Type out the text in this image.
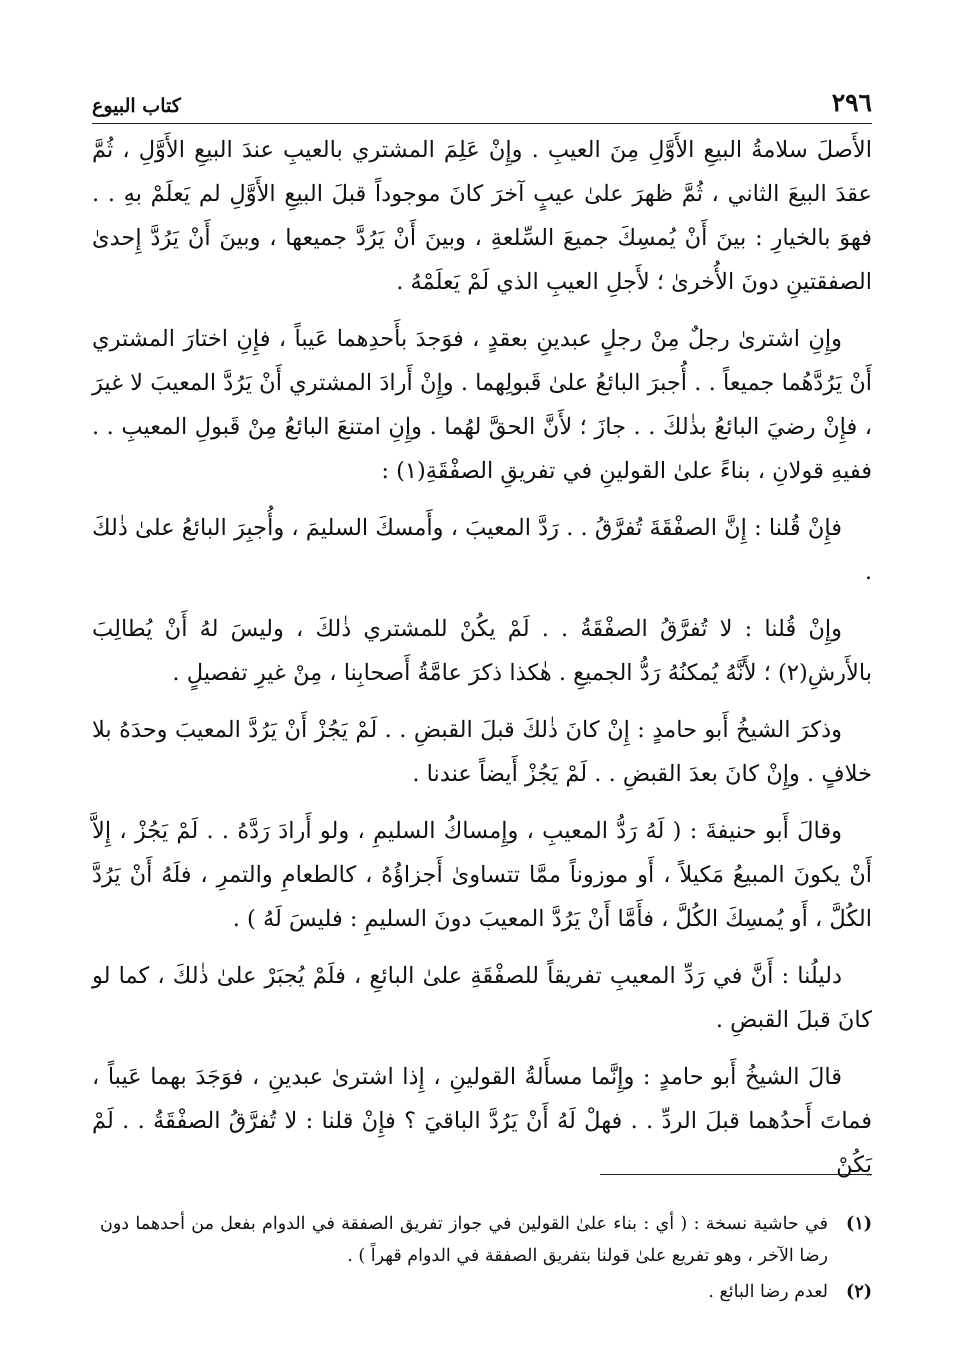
٢٩٦
كتاب البيوع

الأَصلَ سلامةُ البيعِ الأَوَّلِ مِنَ العيبِ . وإِنْ عَلِمَ المشتري بالعيبِ عندَ البيعِ الأَوَّلِ ، ثُمَّ عقدَ البيعَ الثاني ، ثُمَّ ظهرَ علىٰ عيبٍ آخرَ كانَ موجوداً قبلَ البيعِ الأَوَّلِ لم يَعلَمْ بهِ . . فهوَ بالخيارِ : بينَ أَنْ يُمسِكَ جميعَ السِّلعةِ ، وبينَ أَنْ يَرُدَّ جميعها ، وبينَ أَنْ يَرُدَّ إِحدىٰ الصفقتينِ دونَ الأُخرىٰ ؛ لأَجلِ العيبِ الذي لَمْ يَعلَمْهُ .

وإِنِ اشترىٰ رجلٌ مِنْ رجلٍ عبدينِ بعقدٍ ، فوَجدَ بأَحدِهما عَيباً ، فإِنِ اختارَ المشتري أَنْ يَرُدَّهُما جميعاً . . أُجبرَ البائعُ علىٰ قَبولِهما . وإِنْ أَرادَ المشتري أَنْ يَرُدَّ المعيبَ لا غيرَ ، فإِنْ رضيَ البائعُ بذٰلكَ . . جازَ ؛ لأَنَّ الحقَّ لهُما . وإِنِ امتنعَ البائعُ مِنْ قَبولِ المعيبِ . . ففيهِ قولانِ ، بناءً علىٰ القولينِ في تفريقِ الصفْقَةِ(١) :

فإِنْ قُلنا : إِنَّ الصفْقَةَ تُفرَّقُ . . رَدَّ المعيبَ ، وأَمسكَ السليمَ ، وأُجبِرَ البائعُ علىٰ ذٰلكَ .

وإِنْ قُلنا : لا تُفرَّقُ الصفْقَةُ . . لَمْ يكُنْ للمشتري ذٰلكَ ، وليسَ لهُ أَنْ يُطالِبَ بالأَرشِ(٢) ؛ لأَنَّهُ يُمكنُهُ رَدُّ الجميعِ . هٰكذا ذكرَ عامَّةُ أَصحابِنا ، مِنْ غيرِ تفصيلٍ .

وذكرَ الشيخُ أَبو حامدٍ : إِنْ كانَ ذٰلكَ قبلَ القبضِ . . لَمْ يَجُزْ أَنْ يَرُدَّ المعيبَ وحدَهُ بلا خلافٍ . وإِنْ كانَ بعدَ القبضِ . . لَمْ يَجُزْ أَيضاً عندنا .

وقالَ أَبو حنيفةَ : ( لَهُ رَدُّ المعيبِ ، وإِمساكُ السليمِ ، ولو أَرادَ رَدَّهُ . . لَمْ يَجُزْ ، إِلاَّ أَنْ يكونَ المبيعُ مَكيلاً ، أَو موزوناً ممَّا تتساوىٰ أَجزاؤُهُ ، كالطعامِ والتمرِ ، فلَهُ أَنْ يَرُدَّ الكُلَّ ، أَو يُمسِكَ الكُلَّ ، فأَمَّا أَنْ يَرُدَّ المعيبَ دونَ السليمِ : فليسَ لَهُ ) .

دليلُنا : أَنَّ في رَدِّ المعيبِ تفريقاً للصفْقَةِ علىٰ البائعِ ، فلَمْ يُجبَرْ علىٰ ذٰلكَ ، كما لو كانَ قبلَ القبضِ .

قالَ الشيخُ أَبو حامدٍ : وإِنَّما مسأَلةُ القولينِ ، إِذا اشترىٰ عبدينِ ، فوَجَدَ بهما عَيباً ، فماتَ أَحدُهما قبلَ الردِّ . . فهلْ لَهُ أَنْ يَرُدَّ الباقيَ ؟ فإِنْ قلنا : لا تُفرَّقُ الصفْقَةُ . . لَمْ يَكُنْ

(١)
في حاشية نسخة : ( أي : بناء علىٰ القولين في جواز تفريق الصفقة في الدوام بفعل من أحدهما دون رضا الآخر ، وهو تفريع علىٰ قولنا بتفريق الصفقة في الدوام قهراً ) .
(٢)
لعدم رضا البائع .
